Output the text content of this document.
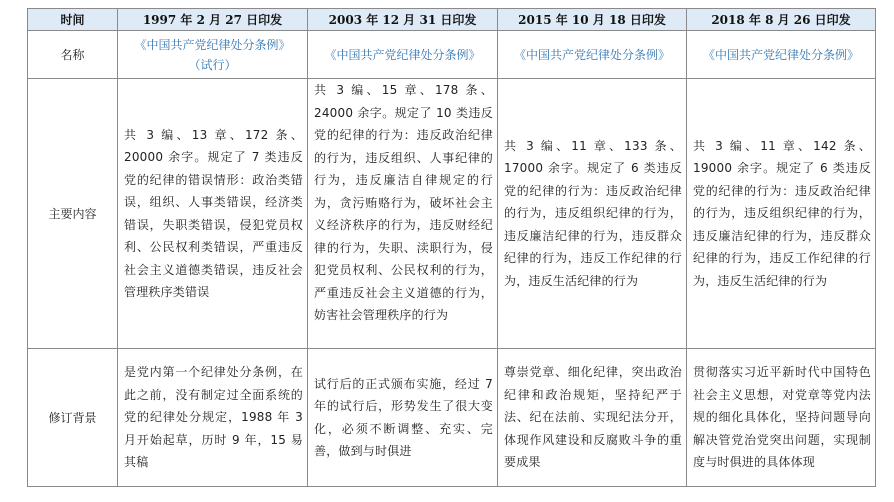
时间	1997 年 2 月 27 日印发	2003 年 12 月 31 日印发	2015 年 10 月 18 日印发	2018 年 8 月 26 日印发
名称	《中国共产党纪律处分条例》（试行）	《中国共产党纪律处分条例》	《中国共产党纪律处分条例》	《中国共产党纪律处分条例》
主要内容	共 3 编、13 章、172 条、20000 余字。规定了 7 类违反党的纪律的错误情形：政治类错误，组织、人事类错误，经济类错误，失职类错误，侵犯党员权利、公民权利类错误，严重违反社会主义道德类错误，违反社会管理秩序类错误	共 3 编、15 章、178 条、24000 余字。规定了 10 类违反党的纪律的行为：违反政治纪律的行为，违反组织、人事纪律的行为，违反廉洁自律规定的行为，贪污贿赂行为，破坏社会主义经济秩序的行为，违反财经纪律的行为，失职、渎职行为，侵犯党员权利、公民权利的行为，严重违反社会主义道德的行为，妨害社会管理秩序的行为	共 3 编、11 章、133 条、17000 余字。规定了 6 类违反党的纪律的行为：违反政治纪律的行为，违反组织纪律的行为，违反廉洁纪律的行为，违反群众纪律的行为，违反工作纪律的行为，违反生活纪律的行为	共 3 编、11 章、142 条、19000 余字。规定了 6 类违反党的纪律的行为：违反政治纪律的行为，违反组织纪律的行为，违反廉洁纪律的行为，违反群众纪律的行为，违反工作纪律的行为，违反生活纪律的行为
修订背景	是党内第一个纪律处分条例，在此之前，没有制定过全面系统的党的纪律处分规定，1988 年 3 月开始起草，历时 9 年，15 易其稿	试行后的正式颁布实施，经过 7 年的试行后，形势发生了很大变化，必须不断调整、充实、完善，做到与时俱进	尊崇党章、细化纪律，突出政治纪律和政治规矩，坚持纪严于法、纪在法前、实现纪法分开，体现作风建设和反腐败斗争的重要成果	贯彻落实习近平新时代中国特色社会主义思想，对党章等党内法规的细化具体化，坚持问题导向解决管党治党突出问题，实现制度与时俱进的具体体现
